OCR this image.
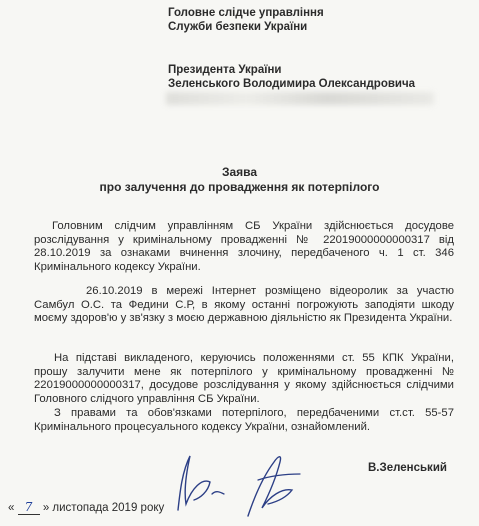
Головне слідче управління
Служби безпеки України
Президента України
Зеленського Володимира Олександровича
Заява
про залучення до провадження як потерпілого
Головним слідчим управлінням СБ України здійснюється досудове розслідування у кримінальному провадженні № 22019000000000317 від 28.10.2019 за ознаками вчинення злочину, передбаченого ч. 1 ст. 346 Кримінального кодексу України.
26.10.2019 в мережі Інтернет розміщено відеоролик за участю Самбул О.С. та Федини С.Р, в якому останні погрожують заподіяти шкоду моєму здоров'ю у зв'язку з моєю державною діяльністю як Президента України.
На підставі викладеного, керуючись положеннями ст. 55 КПК України, прошу залучити мене як потерпілого у кримінальному провадженні № 22019000000000317, досудове розслідування у якому здійснюється слідчими Головного слідчого управління СБ України.
З правами та обов'язками потерпілого, передбаченими ст.ст. 55-57 Кримінального процесуального кодексу України, ознайомлений.
В.Зеленський
« 7 » листопада 2019 року
